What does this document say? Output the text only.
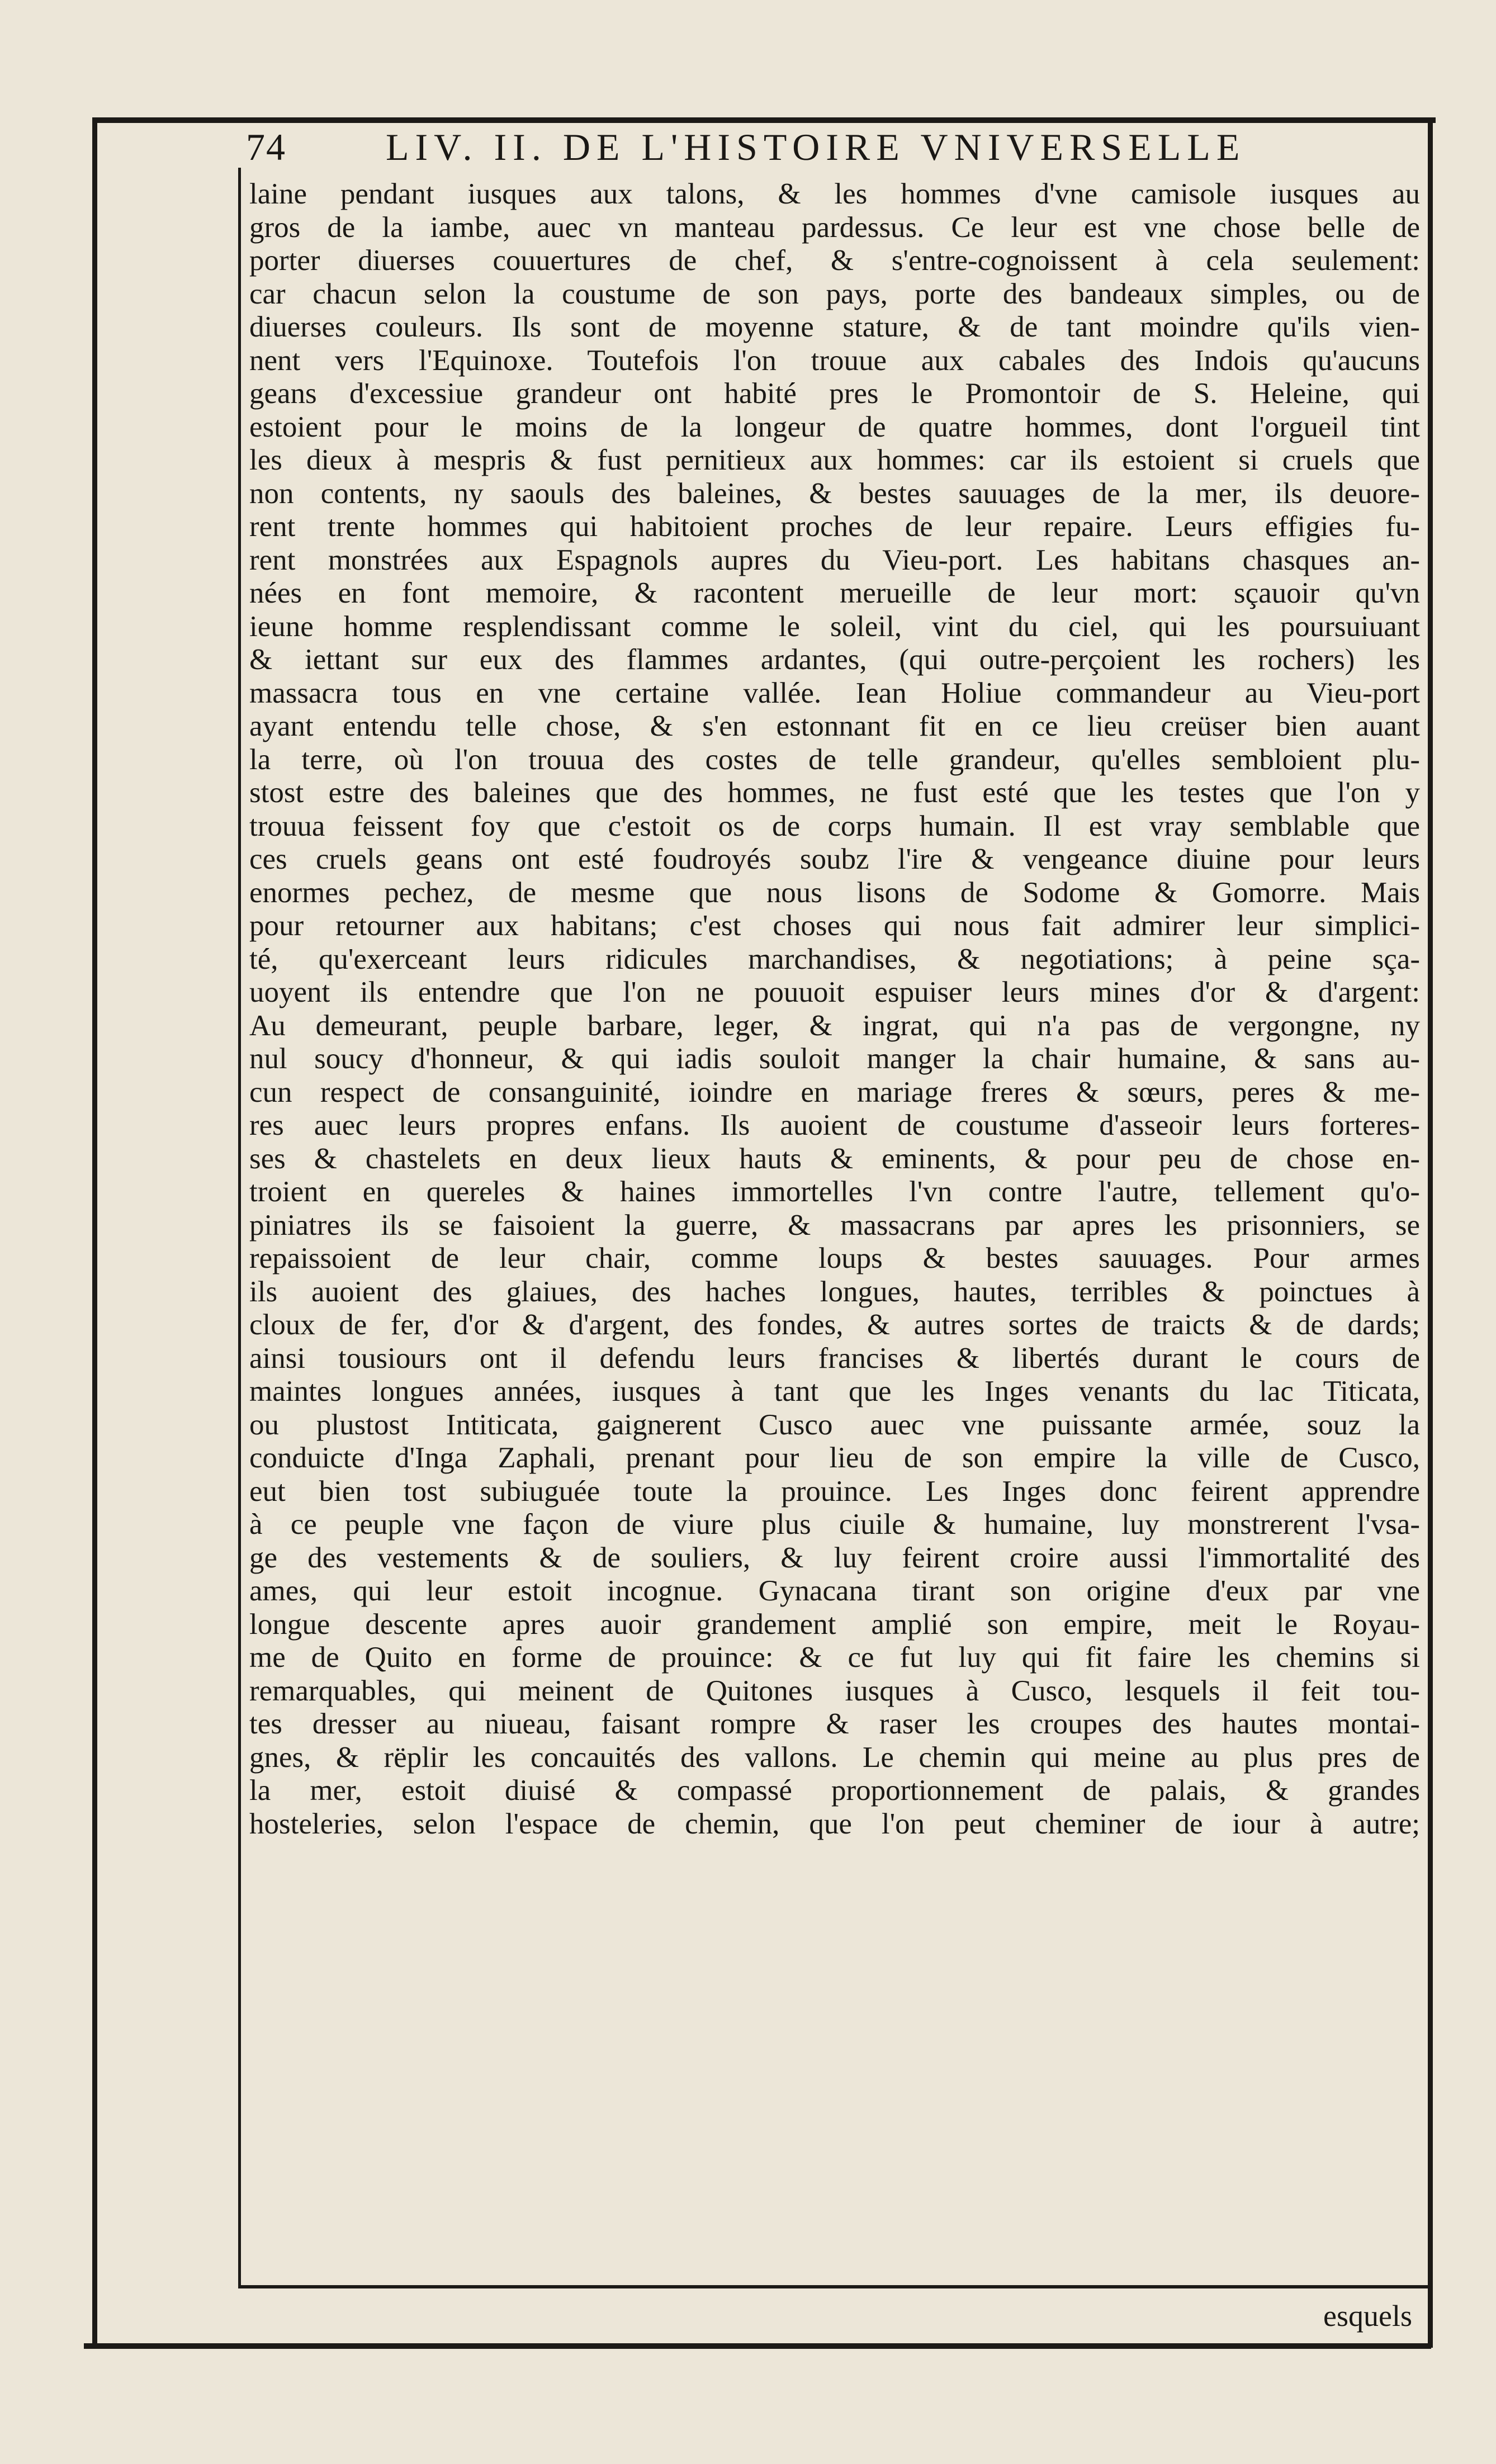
74	LIV. II. DE L'HISTOIRE VNIVERSELLE
laine pendant iusques aux talons, & les hommes d'vne camisole iusques au
gros de la iambe, auec vn manteau pardessus. Ce leur est vne chose belle de
porter diuerses couuertures de chef, & s'entre-cognoissent à cela seulement:
car chacun selon la coustume de son pays, porte des bandeaux simples, ou de
diuerses couleurs. Ils sont de moyenne stature, & de tant moindre qu'ils vien-
nent vers l'Equinoxe. Toutefois l'on trouue aux cabales des Indois qu'aucuns
geans d'excessiue grandeur ont habité pres le Promontoir de S. Heleine, qui
estoient pour le moins de la longeur de quatre hommes, dont l'orgueil tint
les dieux à mespris & fust pernitieux aux hommes: car ils estoient si cruels que
non contents, ny saouls des baleines, & bestes sauuages de la mer, ils deuore-
rent trente hommes qui habitoient proches de leur repaire. Leurs effigies fu-
rent monstrées aux Espagnols aupres du Vieu-port. Les habitans chasques an-
nées en font memoire, & racontent merueille de leur mort: sçauoir qu'vn
ieune homme resplendissant comme le soleil, vint du ciel, qui les poursuiuant
& iettant sur eux des flammes ardantes, (qui outre-perçoient les rochers) les
massacra tous en vne certaine vallée. Iean Holiue commandeur au Vieu-port
ayant entendu telle chose, & s'en estonnant fit en ce lieu creüser bien auant
la terre, où l'on trouua des costes de telle grandeur, qu'elles sembloient plu-
stost estre des baleines que des hommes, ne fust esté que les testes que l'on y
trouua feissent foy que c'estoit os de corps humain. Il est vray semblable que
ces cruels geans ont esté foudroyés soubz l'ire & vengeance diuine pour leurs
enormes pechez, de mesme que nous lisons de Sodome & Gomorre. Mais
pour retourner aux habitans; c'est choses qui nous fait admirer leur simplici-
té, qu'exerceant leurs ridicules marchandises, & negotiations; à peine sça-
uoyent ils entendre que l'on ne pouuoit espuiser leurs mines d'or & d'argent:
Au demeurant, peuple barbare, leger, & ingrat, qui n'a pas de vergongne, ny
nul soucy d'honneur, & qui iadis souloit manger la chair humaine, & sans au-
cun respect de consanguinité, ioindre en mariage freres & sœurs, peres & me-
res auec leurs propres enfans. Ils auoient de coustume d'asseoir leurs forteres-
ses & chastelets en deux lieux hauts & eminents, & pour peu de chose en-
troient en quereles & haines immortelles l'vn contre l'autre, tellement qu'o-
piniatres ils se faisoient la guerre, & massacrans par apres les prisonniers, se
repaissoient de leur chair, comme loups & bestes sauuages. Pour armes
ils auoient des glaiues, des haches longues, hautes, terribles & poinctues à
cloux de fer, d'or & d'argent, des fondes, & autres sortes de traicts & de dards;
ainsi tousiours ont il defendu leurs francises & libertés durant le cours de
maintes longues années, iusques à tant que les Inges venants du lac Titicata,
ou plustost Intiticata, gaignerent Cusco auec vne puissante armée, souz la
conduicte d'Inga Zaphali, prenant pour lieu de son empire la ville de Cusco,
eut bien tost subiuguée toute la prouince. Les Inges donc feirent apprendre
à ce peuple vne façon de viure plus ciuile & humaine, luy monstrerent l'vsa-
ge des vestements & de souliers, & luy feirent croire aussi l'immortalité des
ames, qui leur estoit incognue. Gynacana tirant son origine d'eux par vne
longue descente apres auoir grandement amplié son empire, meit le Royau-
me de Quito en forme de prouince: & ce fut luy qui fit faire les chemins si
remarquables, qui meinent de Quitones iusques à Cusco, lesquels il feit tou-
tes dresser au niueau, faisant rompre & raser les croupes des hautes montai-
gnes, & rëplir les concauités des vallons. Le chemin qui meine au plus pres de
la mer, estoit diuisé & compassé proportionnement de palais, & grandes
hosteleries, selon l'espace de chemin, que l'on peut cheminer de iour à autre;
esquels
